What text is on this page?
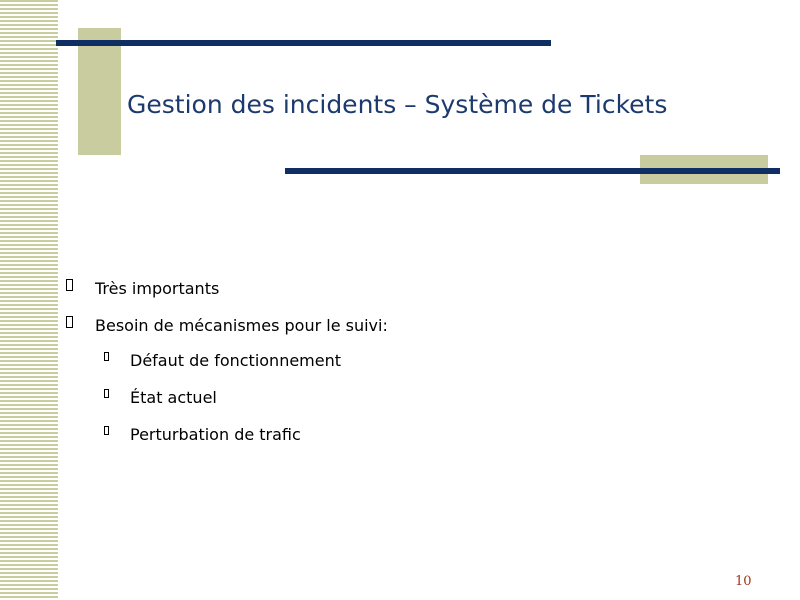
Gestion des incidents – Système de Tickets
Très importants
Besoin de mécanismes pour le suivi:
Défaut de fonctionnement
État actuel
Perturbation de trafic
10
